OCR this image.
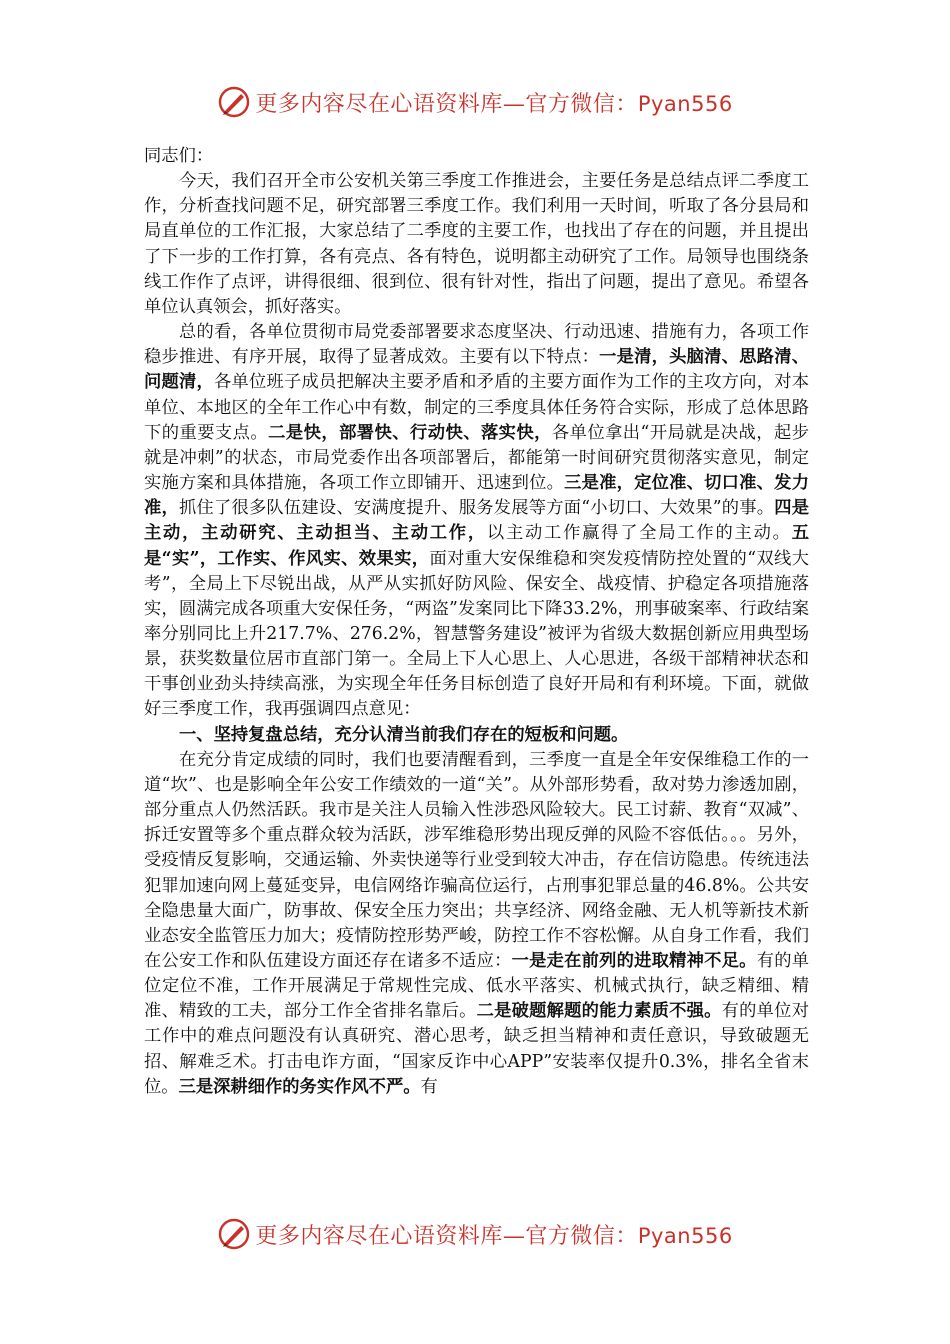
更多内容尽在心语资料库—官方微信：Pyan556

同志们：

今天，我们召开全市公安机关第三季度工作推进会，主要任务是总结点评二季度工作，分析查找问题不足，研究部署三季度工作。我们利用一天时间，听取了各分县局和局直单位的工作汇报，大家总结了二季度的主要工作，也找出了存在的问题，并且提出了下一步的工作打算，各有亮点、各有特色，说明都主动研究了工作。局领导也围绕条线工作作了点评，讲得很细、很到位、很有针对性，指出了问题，提出了意见。希望各单位认真领会，抓好落实。

总的看，各单位贯彻市局党委部署要求态度坚决、行动迅速、措施有力，各项工作稳步推进、有序开展，取得了显著成效。主要有以下特点：一是清，头脑清、思路清、问题清，各单位班子成员把解决主要矛盾和矛盾的主要方面作为工作的主攻方向，对本单位、本地区的全年工作心中有数，制定的三季度具体任务符合实际，形成了总体思路下的重要支点。二是快，部署快、行动快、落实快，各单位拿出“开局就是决战，起步就是冲刺”的状态，市局党委作出各项部署后，都能第一时间研究贯彻落实意见，制定实施方案和具体措施，各项工作立即铺开、迅速到位。三是准，定位准、切口准、发力准，抓住了很多队伍建设、安满度提升、服务发展等方面“小切口、大效果”的事。四是主动，主动研究、主动担当、主动工作，以主动工作赢得了全局工作的主动。五是“实”，工作实、作风实、效果实，面对重大安保维稳和突发疫情防控处置的“双线大考”，全局上下尽锐出战，从严从实抓好防风险、保安全、战疫情、护稳定各项措施落实，圆满完成各项重大安保任务，“两盗”发案同比下降33.2%，刑事破案率、行政结案率分别同比上升217.7%、276.2%，智慧警务建设”被评为省级大数据创新应用典型场景，获奖数量位居市直部门第一。全局上下人心思上、人心思进，各级干部精神状态和干事创业劲头持续高涨，为实现全年任务目标创造了良好开局和有利环境。下面，就做好三季度工作，我再强调四点意见：

一、坚持复盘总结，充分认清当前我们存在的短板和问题。

在充分肯定成绩的同时，我们也要清醒看到，三季度一直是全年安保维稳工作的一道“坎”、也是影响全年公安工作绩效的一道“关”。从外部形势看，敌对势力渗透加剧，部分重点人仍然活跃。我市是关注人员输入性涉恐风险较大。民工讨薪、教育“双减”、拆迁安置等多个重点群众较为活跃，涉军维稳形势出现反弹的风险不容低估。。。另外，受疫情反复影响，交通运输、外卖快递等行业受到较大冲击，存在信访隐患。传统违法犯罪加速向网上蔓延变异，电信网络诈骗高位运行，占刑事犯罪总量的46.8%。公共安全隐患量大面广，防事故、保安全压力突出；共享经济、网络金融、无人机等新技术新业态安全监管压力加大；疫情防控形势严峻，防控工作不容松懈。从自身工作看，我们在公安工作和队伍建设方面还存在诸多不适应：一是走在前列的进取精神不足。有的单位定位不准，工作开展满足于常规性完成、低水平落实、机械式执行，缺乏精细、精准、精致的工夫，部分工作全省排名靠后。二是破题解题的能力素质不强。有的单位对工作中的难点问题没有认真研究、潜心思考，缺乏担当精神和责任意识，导致破题无招、解难乏术。打击电诈方面，“国家反诈中心APP”安装率仅提升0.3%，排名全省末位。三是深耕细作的务实作风不严。有

更多内容尽在心语资料库—官方微信：Pyan556
